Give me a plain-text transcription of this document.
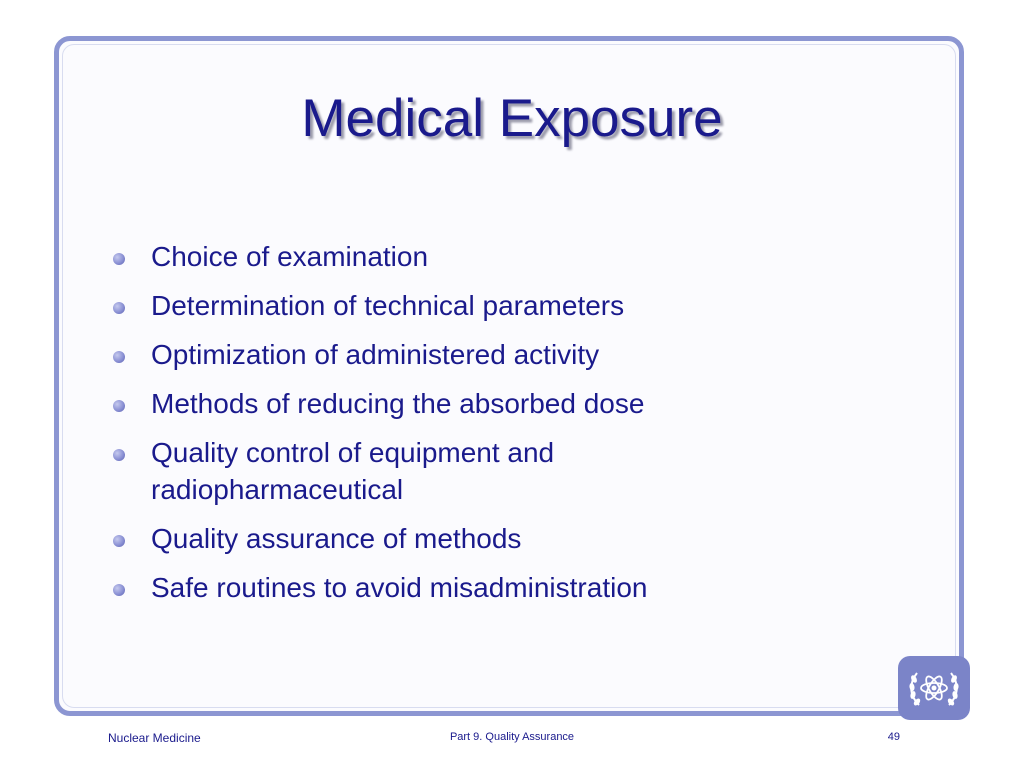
Medical Exposure
Choice of examination
Determination of technical parameters
Optimization of administered activity
Methods of reducing the absorbed dose
Quality control of equipment and radiopharmaceutical
Quality assurance of methods
Safe routines to avoid misadministration
Nuclear Medicine	Part 9. Quality Assurance	49
